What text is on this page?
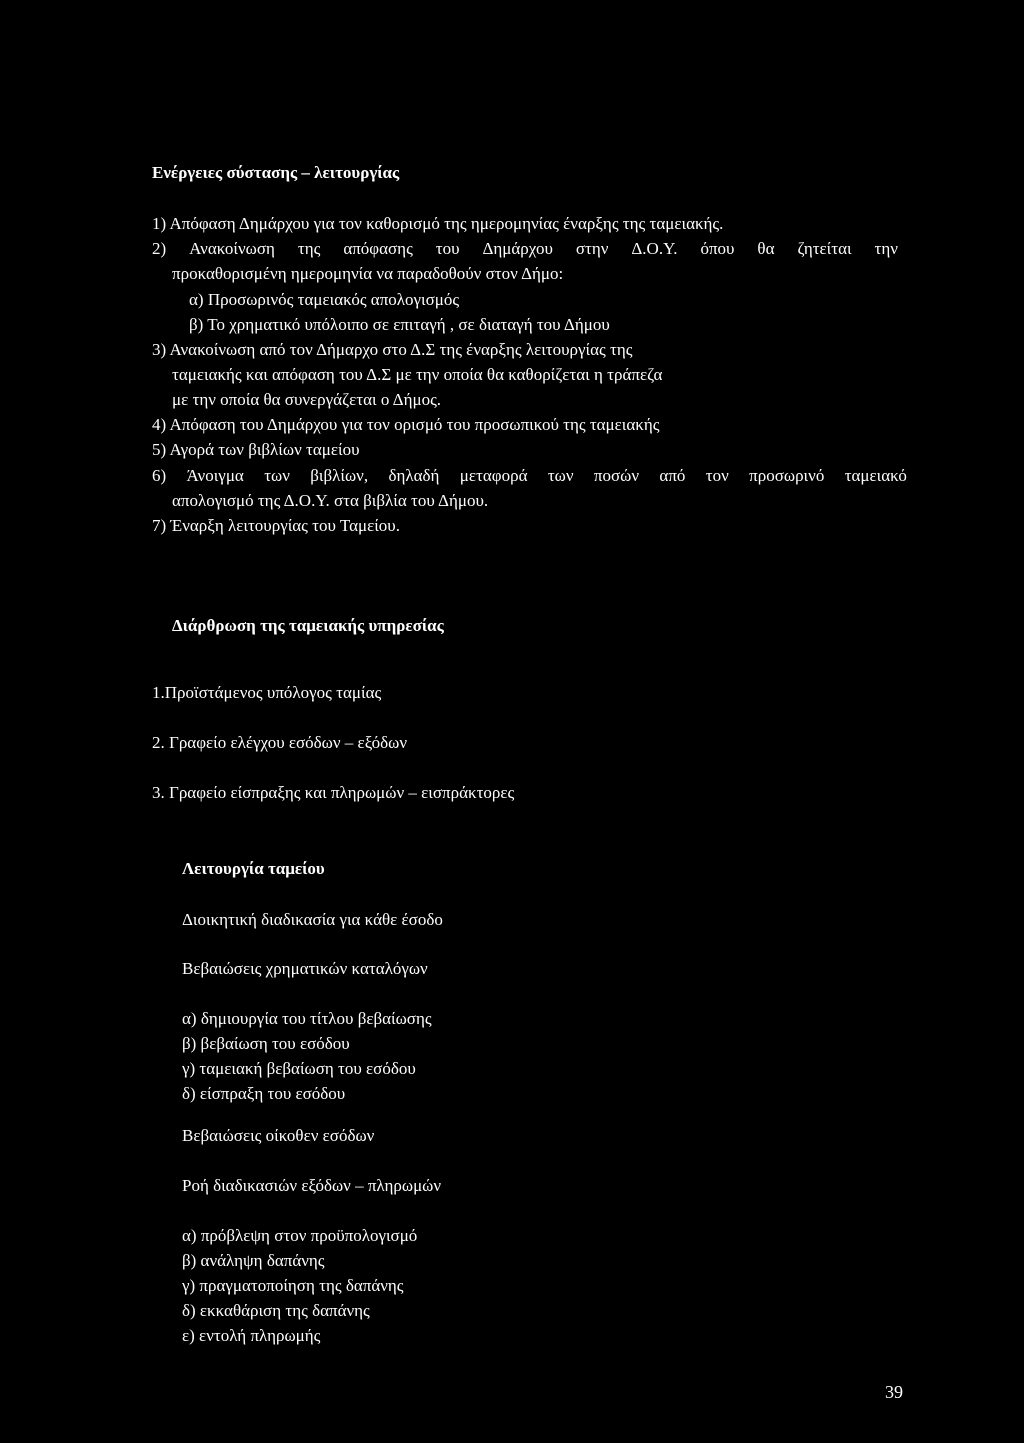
Ενέργειες σύστασης – λειτουργίας
1) Απόφαση Δημάρχου για τον καθορισμό της ημερομηνίας έναρξης της ταμειακής.
2) Ανακοίνωση της απόφασης του Δημάρχου στην Δ.Ο.Υ. όπου θα ζητείται την
προκαθορισμένη ημερομηνία να παραδοθούν στον Δήμο:
α) Προσωρινός ταμειακός απολογισμός
β) Το χρηματικό υπόλοιπο σε επιταγή , σε διαταγή του Δήμου
3) Ανακοίνωση από τον Δήμαρχο στο Δ.Σ της έναρξης λειτουργίας της
ταμειακής και απόφαση του Δ.Σ με την οποία θα καθορίζεται η τράπεζα
με την οποία θα συνεργάζεται ο Δήμος.
4) Απόφαση του Δημάρχου για τον ορισμό του προσωπικού της ταμειακής
5) Αγορά των βιβλίων ταμείου
6) Άνοιγμα των βιβλίων, δηλαδή μεταφορά των ποσών από τον προσωρινό ταμειακό
απολογισμό της Δ.Ο.Υ. στα βιβλία του Δήμου.
7) Έναρξη λειτουργίας του Ταμείου.
Διάρθρωση της ταμειακής υπηρεσίας
1.Προϊστάμενος υπόλογος ταμίας
2. Γραφείο ελέγχου εσόδων – εξόδων
3. Γραφείο είσπραξης και πληρωμών – εισπράκτορες
Λειτουργία ταμείου
Διοικητική διαδικασία για κάθε έσοδο
Βεβαιώσεις χρηματικών καταλόγων
α) δημιουργία του τίτλου βεβαίωσης
β) βεβαίωση του εσόδου
γ) ταμειακή βεβαίωση του εσόδου
δ) είσπραξη του εσόδου
Βεβαιώσεις οίκοθεν εσόδων
Ροή διαδικασιών εξόδων – πληρωμών
α) πρόβλεψη στον προϋπολογισμό
β) ανάληψη δαπάνης
γ) πραγματοποίηση της δαπάνης
δ) εκκαθάριση της δαπάνης
ε) εντολή πληρωμής
39
